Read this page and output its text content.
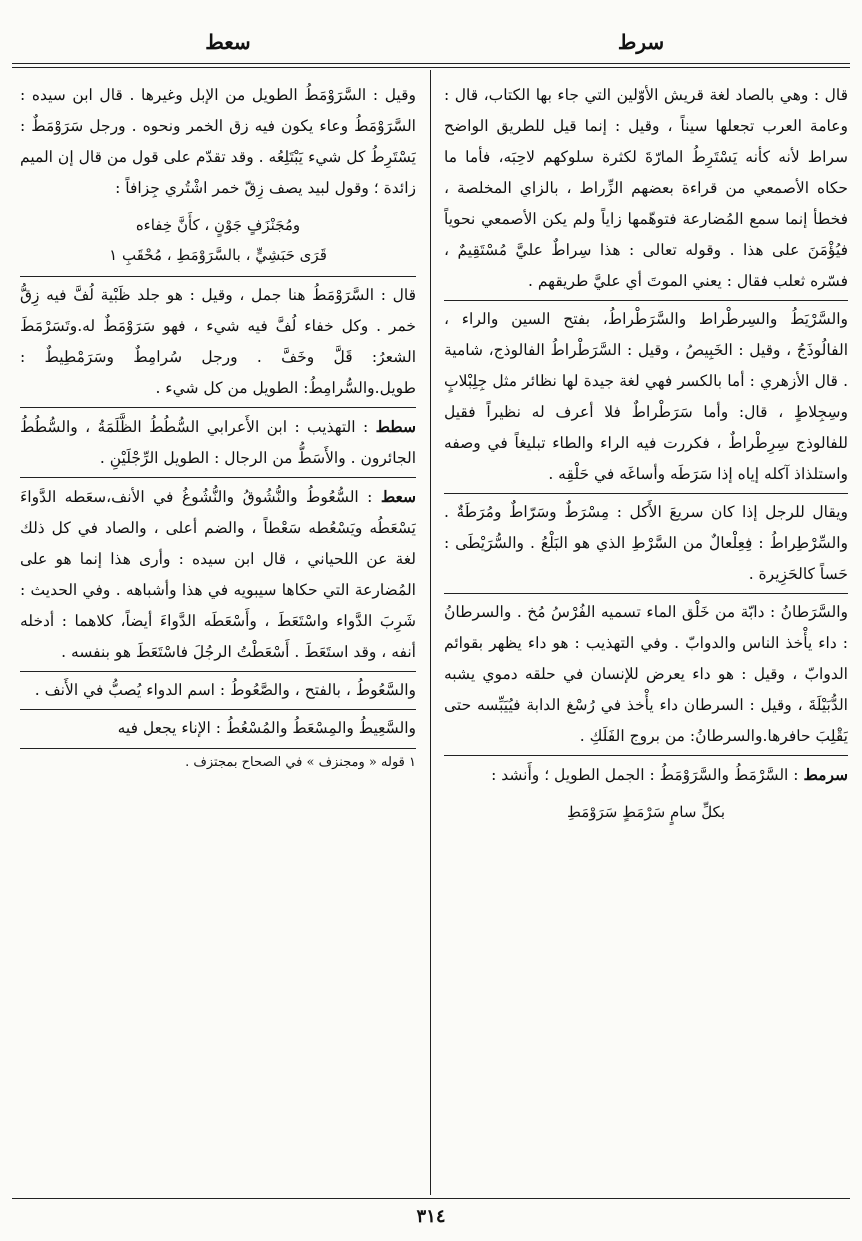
سرط
سعط

قال : وهي بالصاد لغة قريش الأوّلين التي جاء بها الكتاب، قال : وعامة العرب تجعلها سيناً ، وقيل : إنما قيل للطريق الواضح سراط لأنه كأنه يَسْتَرِطُ المارّةَ لكثرة سلوكهم لاحِبَه، فأما ما حكاه الأصمعي من قراءة بعضهم الزِّراط ، بالزاي المخلصة ، فخطأ إنما سمع المُضارعة فتوهّمها زاياً ولم يكن الأصمعي نحوياً فيُؤْمَنَ على هذا . وقوله تعالى : هذا سِراطٌ عليَّ مُسْتَقِيمٌ ، فسّره ثعلب فقال : يعني الموتَ أي عليَّ طريقهم .

والسَّرْيَطُ والسِرطْراط والسَّرَطْراطُ، بفتح السين والراء ، الفالُوذَجُ ، وقيل : الخَبِيصُ ، وقيل : السَّرَطْراطُ الفالوذج، شامية . قال الأزهري : أما بالكسر فهي لغة جيدة لها نظائر مثل جِلِبْلابٍ وسِجِلاطٍ ، قال: وأما سَرَطْراطٌ فلا أعرف له نظيراً فقيل للفالوذج سِرِطْراطٌ ، فكررت فيه الراء والطاء تبليغاً في وصفه واستلذاذ آكله إياه إذا سَرَطَه وأساغَه في حَلْقِه .

ويقال للرجل إذا كان سريعَ الأَكل : مِسْرَطٌ وسَرّاطٌ ومُرَطَةٌ . والسِّرْطِراطُ : فِعِلْعالٌ من السَّرْطِ الذي هو البَلْعُ . والسُّرَيْطَى : حَساً كالحَزِيرة .

والسَّرَطانُ : دابّة من خَلْق الماء تسميه الفُرْسُ مُخ . والسرطانُ : داء يأْخذ الناس والدوابّ . وفي التهذيب : هو داء يظهر بقوائم الدوابّ ، وقيل : هو داء يعرض للإنسان في حلقه دموي يشبه الدُّبَيْلَةَ ، وقيل : السرطان داء يأْخذ في رُسْغ الدابة فيُيَبِّسه حتى يَقْلِبَ حافرها.والسرطانُ: من بروج الفَلَكِ .

سرمط : السَّرْمَطُ والسَّرَوْمَطُ : الجمل الطويل ؛ وأَنشد :

بكلِّ سامٍ سَرْمَطٍ سَرَوْمَطِ

وقيل : السَّرَوْمَطُ الطويل من الإبل وغيرها . قال ابن سيده : السَّرَوْمَطُ وعاء يكون فيه زق الخمر ونحوه . ورجل سَرَوْمَطٌ : يَسْتَرِطُ كل شيء يَبْتَلِعُه . وقد تقدّم على قول من قال إن الميم زائدة ؛ وقول لبيد يصف زِقّ خمر اشْتُري جِزافاً :

ومُجَنْزَفٍ جَوْنٍ ، كأَنَّ خِفاءه
قَرَى حَبَشِيٍّ ، بالسَّرَوْمَطِ ، مُحْقَبِ ١

قال : السَّرَوْمَطُ هنا جمل ، وقيل : هو جلد ظَبْية لُفَّ فيه زِقُّ خمر . وكل خفاء لُفَّ فيه شيء ، فهو سَرَوْمَطٌ له.وتَسَرْمَطَ الشعرُ: قَلَّ وخَفَّ . ورجل سُرامِطٌ وسَرَمْطِيطٌ : طويل.والسُّرامِطُ: الطويل من كل شيء .

سطط : التهذيب : ابن الأَعرابي السُّطُطُ الظَّلَمَةُ ، والسُّطُطُ الجائرون . والأَسَطُّ من الرجال : الطويل الرِّجْلَيْنِ .

سعط : السُّعُوطُ والنُّشُوقُ والنُّشُوغُ في الأنف،سعَطه الدَّواءَ يَسْعَطُه ويَسْعُطه سَعْطاً ، والضم أعلى ، والصاد في كل ذلك لغة عن اللحياني ، قال ابن سيده : وأرى هذا إنما هو على المُضارعة التي حكاها سيبويه في هذا وأشباهه . وفي الحديث : شَرِبَ الدَّواء واسْتَعَطَ ، وأَسْعَطَه الدَّواءَ أيضاً، كلاهما : أدخله أنفه ، وقد استَعَطَ . أَسْعَطْتُ الرجُلَ فاسْتَعَطَ هو بنفسه .

والسَّعُوطُ ، بالفتح ، والصَّعُوطُ : اسم الدواء يُصبُّ في الأَنف .

والسَّعِيطُ والمِسْعَطُ والمُسْعُطُ : الإناء يجعل فيه

١ قوله « ومجنزف » في الصحاح بمجتزف .

٣١٤
